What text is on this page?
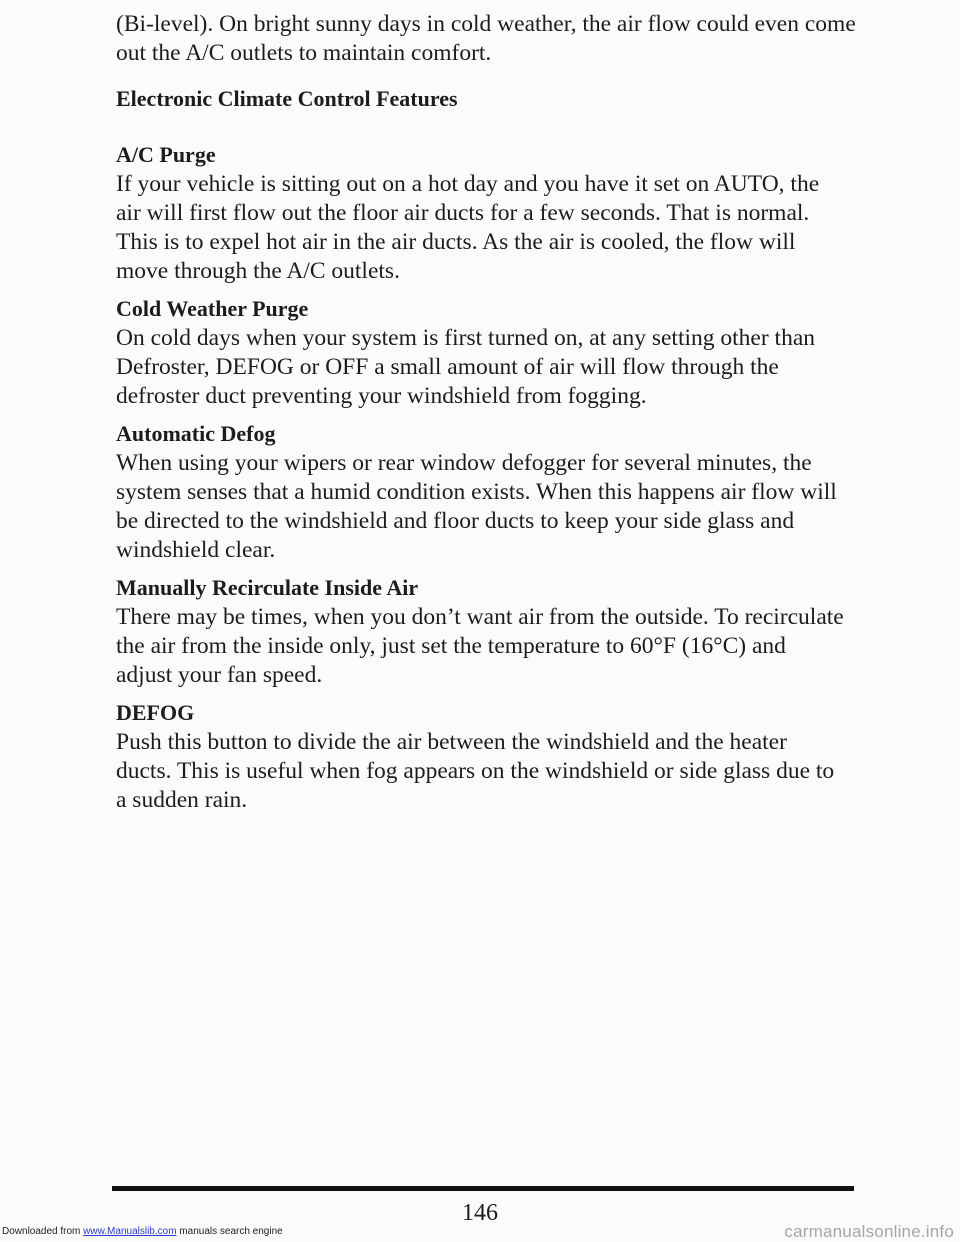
(Bi-level). On bright sunny days in cold weather, the air flow could even come out the A/C outlets to maintain comfort.

Electronic Climate Control Features
A/C Purge

If your vehicle is sitting out on a hot day and you have it set on AUTO, the air will first flow out the floor air ducts for a few seconds. That is normal. This is to expel hot air in the air ducts. As the air is cooled, the flow will move through the A/C outlets.

Cold Weather Purge

On cold days when your system is first turned on, at any setting other than Defroster, DEFOG or OFF a small amount of air will flow through the defroster duct preventing your windshield from fogging.

Automatic Defog

When using your wipers or rear window defogger for several minutes, the system senses that a humid condition exists. When this happens air flow will be directed to the windshield and floor ducts to keep your side glass and windshield clear.

Manually Recirculate Inside Air

There may be times, when you don’t want air from the outside. To recirculate the air from the inside only, just set the temperature to 60°F (16°C) and adjust your fan speed.

DEFOG

Push this button to divide the air between the windshield and the heater ducts. This is useful when fog appears on the windshield or side glass due to a sudden rain.

146
Downloaded from www.Manualslib.com manuals search engine	carmanualsonline.info
